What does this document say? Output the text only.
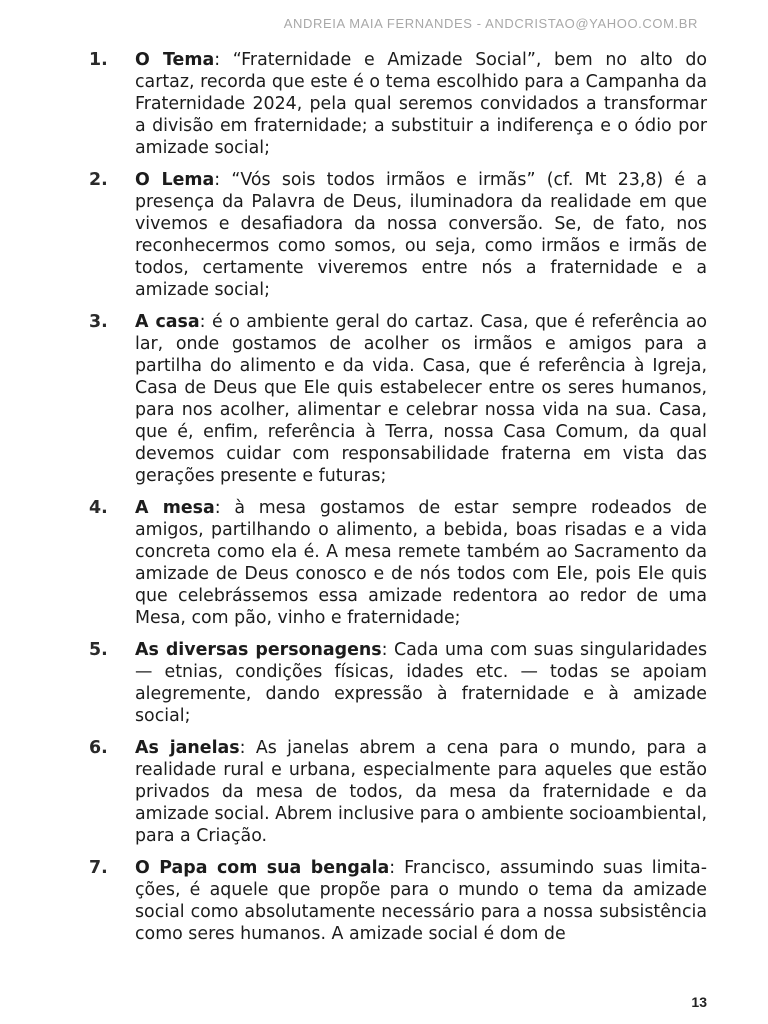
ANDREIA MAIA FERNANDES - ANDCRISTAO@YAHOO.COM.BR
1. O Tema: “Fraternidade e Amizade Social”, bem no alto do cartaz, recorda que este é o tema escolhido para a Campanha da Fraternidade 2024, pela qual seremos convidados a transformar a divisão em fraternidade; a substituir a indiferença e o ódio por amizade social;
2. O Lema: “Vós sois todos irmãos e irmãs” (cf. Mt 23,8) é a presença da Palavra de Deus, iluminadora da realidade em que vivemos e desafiadora da nossa conversão. Se, de fato, nos reconhecermos como somos, ou seja, como irmãos e irmãs de todos, certamente viveremos entre nós a fraternidade e a amizade social;
3. A casa: é o ambiente geral do cartaz. Casa, que é referência ao lar, onde gostamos de acolher os irmãos e amigos para a partilha do alimento e da vida. Casa, que é referência à Igreja, Casa de Deus que Ele quis estabelecer entre os seres humanos, para nos acolher, alimentar e celebrar nossa vida na sua. Casa, que é, enfim, referência à Terra, nossa Casa Comum, da qual devemos cuidar com responsabilidade fraterna em vista das gerações presente e futuras;
4. A mesa: à mesa gostamos de estar sempre rodeados de amigos, partilhando o alimento, a bebida, boas risadas e a vida concreta como ela é. A mesa remete também ao Sacramento da amizade de Deus conosco e de nós todos com Ele, pois Ele quis que celebrássemos essa amizade redentora ao redor de uma Mesa, com pão, vinho e fraternidade;
5. As diversas personagens: Cada uma com suas singularidades — etnias, condições físicas, idades etc. — todas se apoiam alegremente, dando expressão à fraternidade e à amizade social;
6. As janelas: As janelas abrem a cena para o mundo, para a realidade rural e urbana, especialmente para aqueles que estão privados da mesa de todos, da mesa da fraternidade e da amizade social. Abrem inclusive para o ambiente socioambiental, para a Criação.
7. O Papa com sua bengala: Francisco, assumindo suas limitações, é aquele que propõe para o mundo o tema da amizade social como absolutamente necessário para a nossa subsistência como seres humanos. A amizade social é dom de
13
